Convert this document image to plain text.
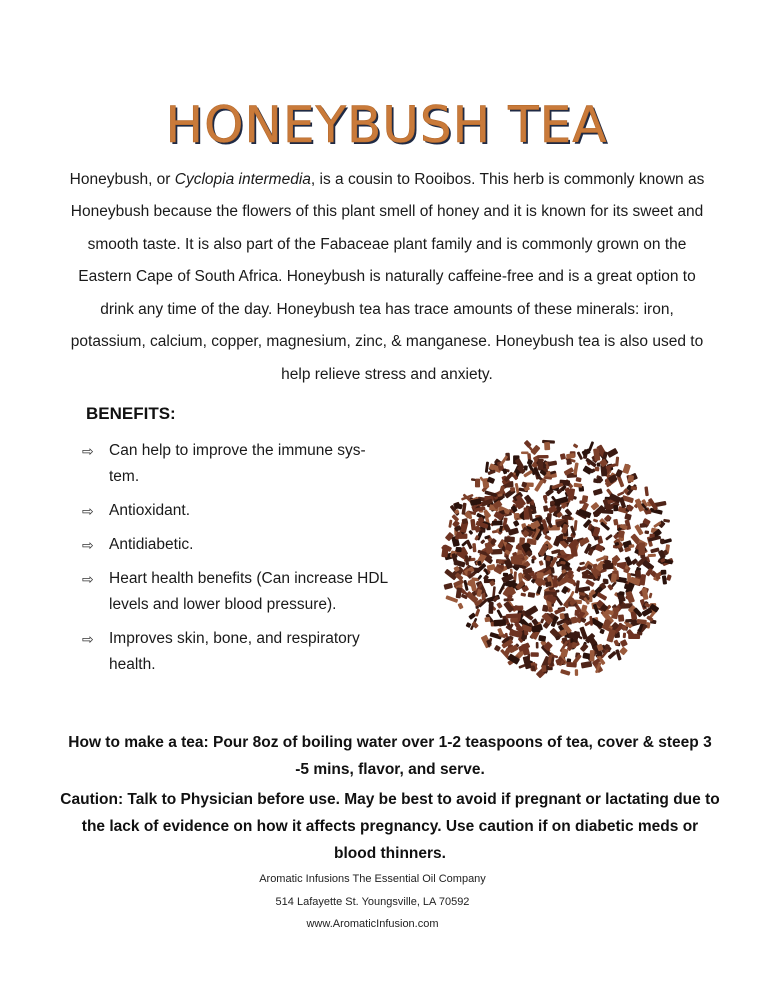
HONEYBUSH TEA

Honeybush, or Cyclopia intermedia, is a cousin to Rooibos. This herb is commonly known as Honeybush because the flowers of this plant smell of honey and it is known for its sweet and smooth taste. It is also part of the Fabaceae plant family and is commonly grown on the Eastern Cape of South Africa. Honeybush is naturally caffeine-free and is a great option to drink any time of the day. Honeybush tea has trace amounts of these minerals: iron, potassium, calcium, copper, magnesium, zinc, & manganese. Honeybush tea is also used to help relieve stress and anxiety.

BENEFITS:
⇨ Can help to improve the immune sys- tem.
⇨ Antioxidant.
⇨ Antidiabetic.
⇨ Heart health benefits (Can increase HDL levels and lower blood pressure).
⇨ Improves skin, bone, and respiratory health.

How to make a tea: Pour 8oz of boiling water over 1-2 teaspoons of tea, cover & steep 3 -5 mins, flavor, and serve.

Caution: Talk to Physician before use. May be best to avoid if pregnant or lactating due to the lack of evidence on how it affects pregnancy. Use caution if on diabetic meds or blood thinners.

Aromatic Infusions The Essential Oil Company
514 Lafayette St. Youngsville, LA 70592
www.AromaticInfusion.com
